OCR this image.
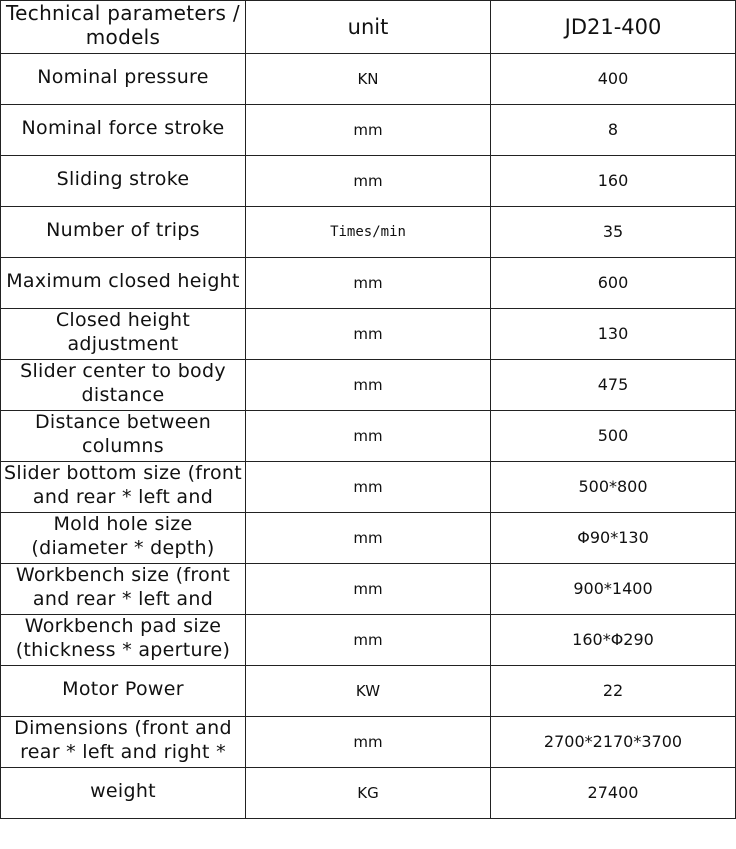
Technical parameters / models	unit	JD21-400

Nominal pressure	KN	400

Nominal force stroke	mm	8

Sliding stroke	mm	160

Number of trips	Times/min	35

Maximum closed height	mm	600

Closed height adjustment	mm	130

Slider center to body distance	mm	475

Distance between columns	mm	500

Slider bottom size (front and rear * left and	mm	500*800

Mold hole size (diameter * depth)	mm	Φ90*130

Workbench size (front and rear * left and	mm	900*1400

Workbench pad size (thickness * aperture)	mm	160*Φ290

Motor Power	KW	22

Dimensions (front and rear * left and right *	mm	2700*2170*3700

weight	KG	27400
